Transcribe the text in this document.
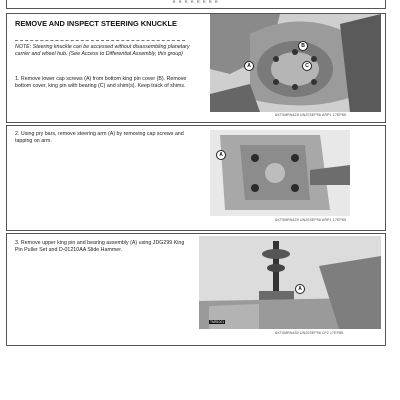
R. R. R. R. R. R. R. R.
REMOVE AND INSPECT STEERING KNUCKLE
NOTE: Steering knuckle can be accessed without disassembling planetary carrier and wheel hub. (See Access to Differential Assembly, this group)
1. Remove lower cap screws (A) from bottom king pin cover (B). Remove bottom cover, king pin with bearing (C) and shim(s). Keep track of shims.
B
A	C
AKT0MRN428 UN20SEP96 ARP1 17EP85
2. Using pry bars, remove steering arm (A) by removing cap screws and tapping on arm.
A
AKT0MRN429 UN20SEP96 ARP1 17EP85
3. Remove upper king pin and bearing assembly (A) using JDG299 King Pin Puller Set and D-01210AA Slide Hammer.
A
TMR1001
AKT0MRN430 UN20SEP96 LP2 17EP85
